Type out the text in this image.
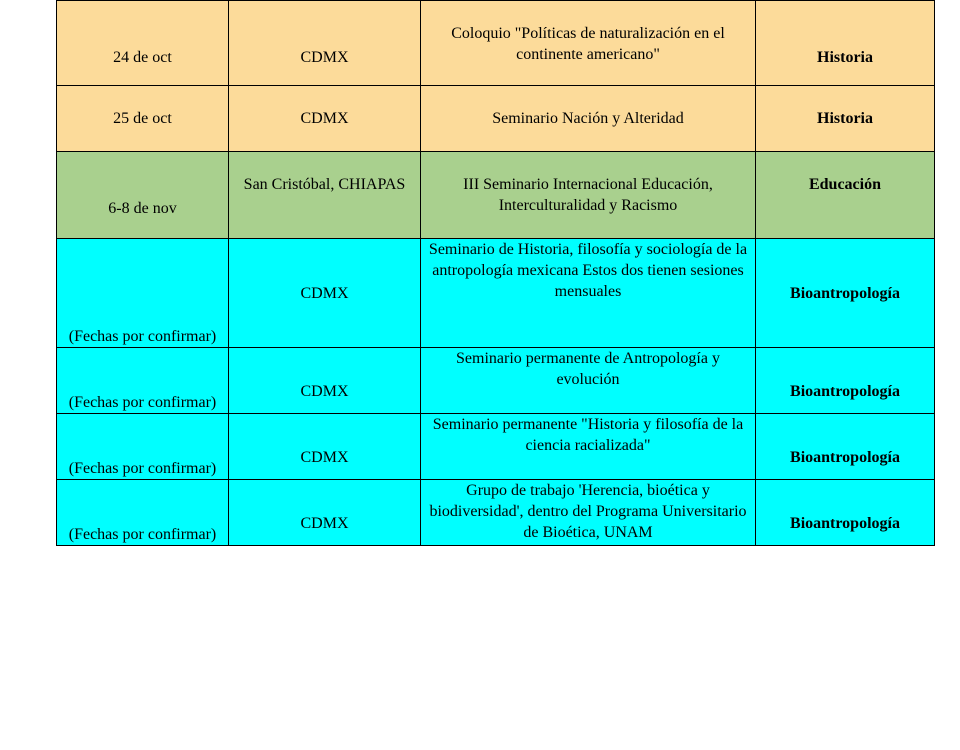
24 de oct	CDMX	Coloquio "Políticas de naturalización en el continente americano"	Historia
25 de oct	CDMX	Seminario Nación y Alteridad	Historia
6-8 de nov	San Cristóbal, CHIAPAS	III Seminario Internacional Educación, Interculturalidad y Racismo	Educación
(Fechas por confirmar)	CDMX	Seminario de Historia, filosofía y sociología de la antropología mexicana Estos dos tienen sesiones mensuales	Bioantropología
(Fechas por confirmar)	CDMX	Seminario permanente de Antropología y evolución	Bioantropología
(Fechas por confirmar)	CDMX	Seminario permanente "Historia y filosofía de la ciencia racializada"	Bioantropología
(Fechas por confirmar)	CDMX	Grupo de trabajo 'Herencia, bioética y biodiversidad', dentro del Programa Universitario de Bioética, UNAM	Bioantropología
